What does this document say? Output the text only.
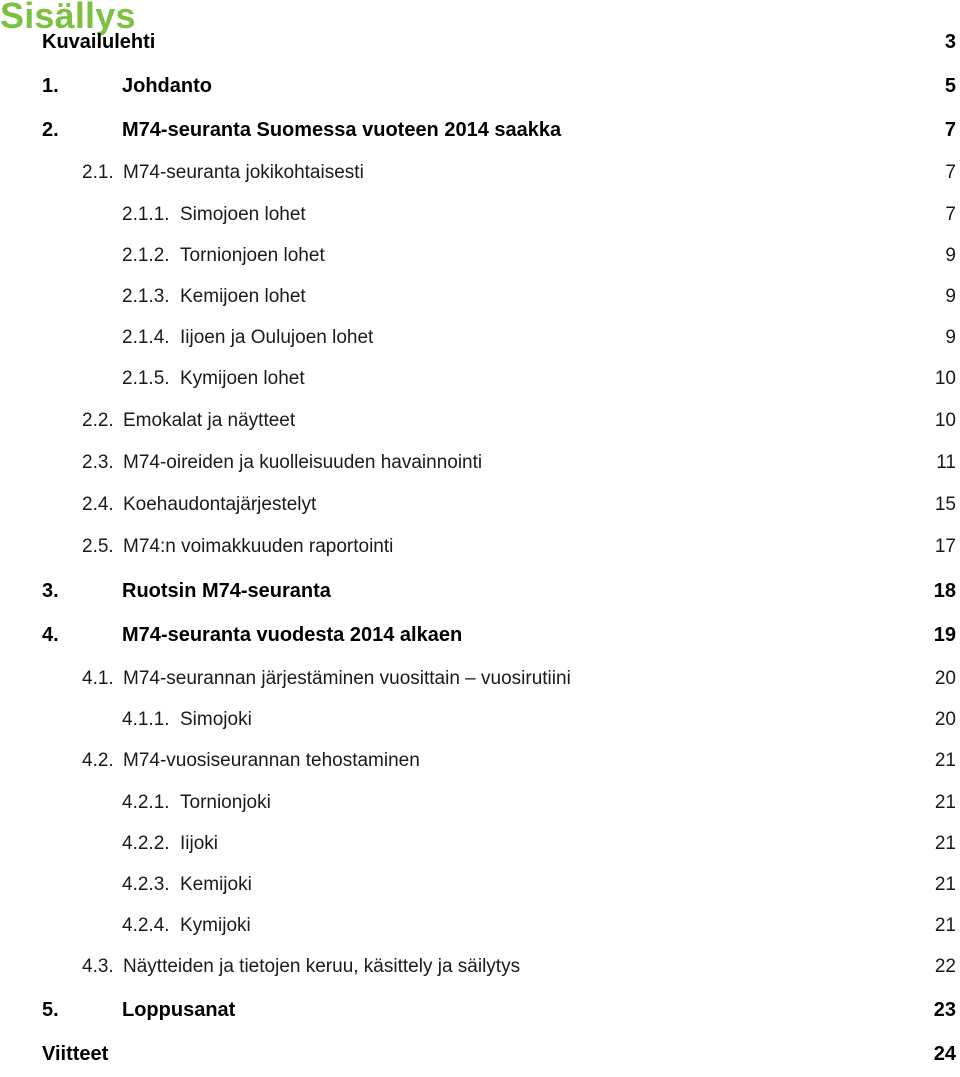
Sisällys
Kuvailulehti	3
1.	Johdanto	5
2.	M74-seuranta Suomessa vuoteen 2014 saakka	7
2.1. M74-seuranta jokikohtaisesti	7
2.1.1. Simojoen lohet	7
2.1.2. Tornionjoen lohet	9
2.1.3. Kemijoen lohet	9
2.1.4. Iijoen ja Oulujoen lohet	9
2.1.5. Kymijoen lohet	10
2.2. Emokalat ja näytteet	10
2.3. M74-oireiden ja kuolleisuuden havainnointi	11
2.4. Koehaudontajärjestelyt	15
2.5. M74:n voimakkuuden raportointi	17
3.	Ruotsin M74-seuranta	18
4.	M74-seuranta vuodesta 2014 alkaen	19
4.1. M74-seurannan järjestäminen vuosittain – vuosirutiini	20
4.1.1. Simojoki	20
4.2. M74-vuosiseurannan tehostaminen	21
4.2.1. Tornionjoki	21
4.2.2. Iijoki	21
4.2.3. Kemijoki	21
4.2.4. Kymijoki	21
4.3. Näytteiden ja tietojen keruu, käsittely ja säilytys	22
5.	Loppusanat	23
Viitteet	24
